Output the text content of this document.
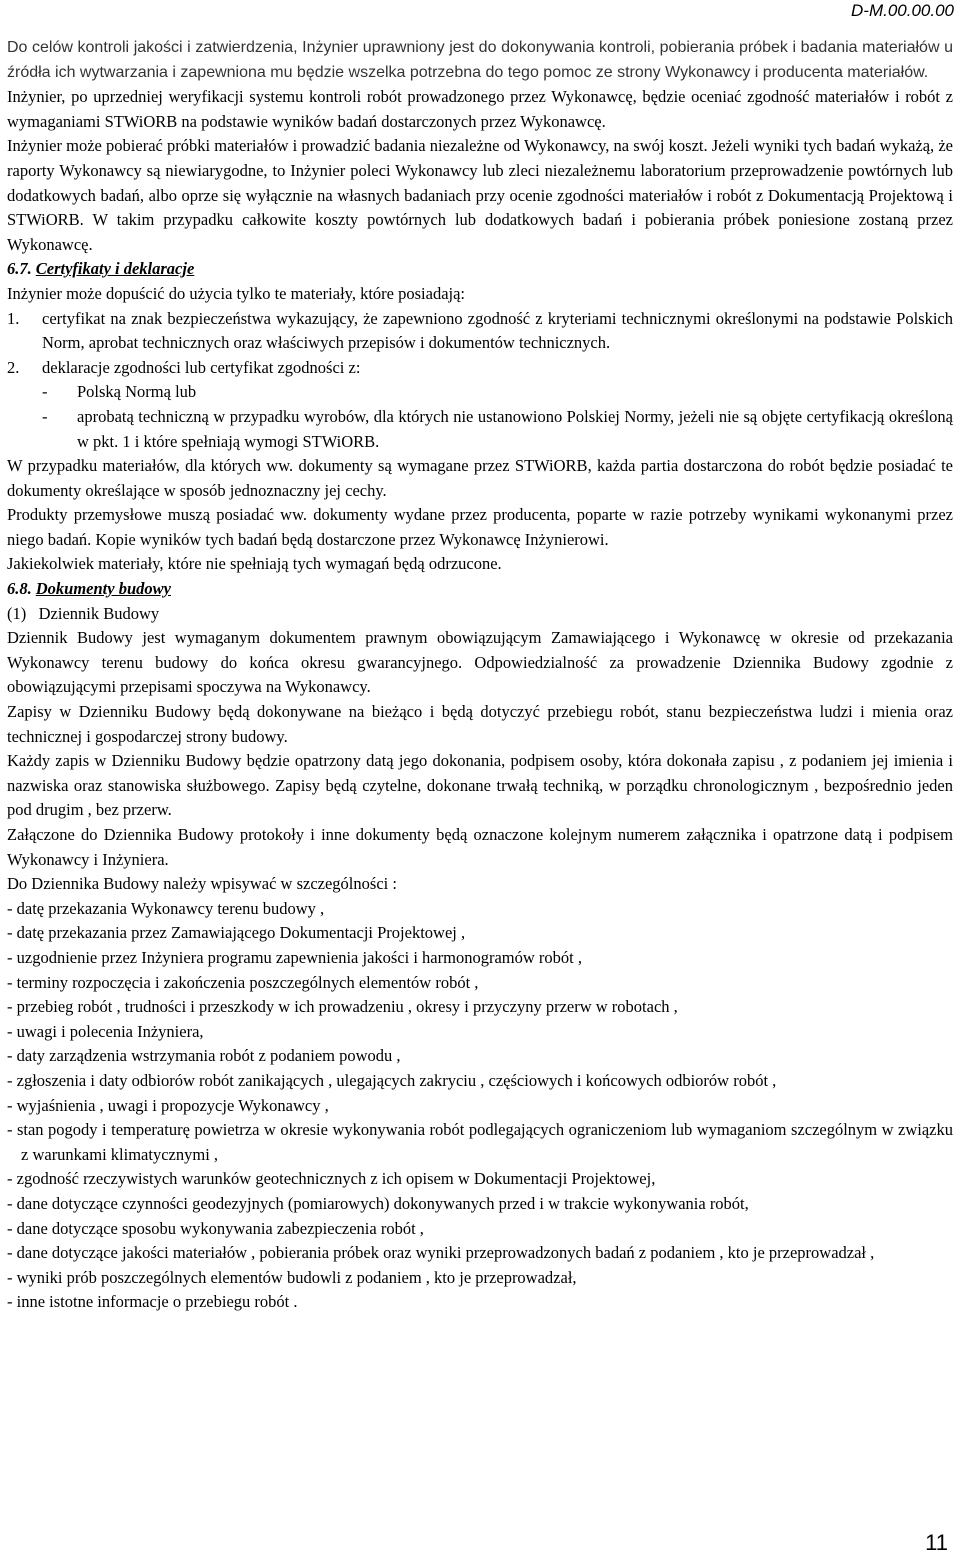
D-M.00.00.00

Do celów kontroli jakości i zatwierdzenia, Inżynier uprawniony jest do dokonywania kontroli, pobierania próbek i badania materiałów u źródła ich wytwarzania i zapewniona mu będzie wszelka potrzebna do tego pomoc ze strony Wykonawcy i producenta materiałów.

Inżynier, po uprzedniej weryfikacji systemu kontroli robót prowadzonego przez Wykonawcę, będzie oceniać zgodność materiałów i robót z wymaganiami STWiORB na podstawie wyników badań dostarczonych przez Wykonawcę.

Inżynier może pobierać próbki materiałów i prowadzić badania niezależne od Wykonawcy, na swój koszt. Jeżeli wyniki tych badań wykażą, że raporty Wykonawcy są niewiarygodne, to Inżynier poleci Wykonawcy lub zleci niezależnemu laboratorium przeprowadzenie powtórnych lub dodatkowych badań, albo oprze się wyłącznie na własnych badaniach przy ocenie zgodności materiałów i robót z Dokumentacją Projektową i STWiORB. W takim przypadku całkowite koszty powtórnych lub dodatkowych badań i pobierania próbek poniesione zostaną przez Wykonawcę.

6.7. Certyfikaty i deklaracje

Inżynier może dopuścić do użycia tylko te materiały, które posiadają:

1.	certyfikat na znak bezpieczeństwa wykazujący, że zapewniono zgodność z kryteriami technicznymi określonymi na podstawie Polskich Norm, aprobat technicznych oraz właściwych przepisów i dokumentów technicznych.
2.	deklaracje zgodności lub certyfikat zgodności z:
-	Polską Normą lub
-	aprobatą techniczną w przypadku wyrobów, dla których nie ustanowiono Polskiej Normy, jeżeli nie są objęte certyfikacją określoną w pkt. 1 i które spełniają wymogi STWiORB.

W przypadku materiałów, dla których ww. dokumenty są wymagane przez STWiORB, każda partia dostarczona do robót będzie posiadać te dokumenty określające w sposób jednoznaczny jej cechy.

Produkty przemysłowe muszą posiadać ww. dokumenty wydane przez producenta, poparte w razie potrzeby wynikami wykonanymi przez niego badań. Kopie wyników tych badań będą dostarczone przez Wykonawcę Inżynierowi.

Jakiekolwiek materiały, które nie spełniają tych wymagań będą odrzucone.

6.8. Dokumenty budowy

(1)   Dziennik Budowy

Dziennik Budowy jest wymaganym dokumentem prawnym obowiązującym Zamawiającego i Wykonawcę w okresie od przekazania Wykonawcy terenu budowy do końca okresu gwarancyjnego. Odpowiedzialność za prowadzenie Dziennika Budowy zgodnie z obowiązującymi przepisami spoczywa na Wykonawcy.

Zapisy w Dzienniku Budowy będą dokonywane na bieżąco i będą dotyczyć przebiegu robót, stanu bezpieczeństwa ludzi i mienia oraz technicznej i gospodarczej strony budowy.

Każdy zapis w Dzienniku Budowy będzie opatrzony datą jego dokonania, podpisem osoby, która dokonała zapisu , z podaniem jej imienia i nazwiska oraz stanowiska służbowego. Zapisy będą czytelne, dokonane trwałą techniką, w porządku chronologicznym , bezpośrednio jeden pod drugim , bez przerw.

Załączone do Dziennika Budowy protokoły i inne dokumenty będą oznaczone kolejnym numerem załącznika i opatrzone datą i podpisem Wykonawcy i Inżyniera.

Do Dziennika Budowy należy wpisywać w szczególności :

- datę przekazania Wykonawcy terenu budowy ,

- datę przekazania przez Zamawiającego Dokumentacji Projektowej ,

- uzgodnienie przez Inżyniera programu zapewnienia jakości i harmonogramów robót ,

- terminy rozpoczęcia i zakończenia poszczególnych elementów robót ,

- przebieg robót , trudności i przeszkody w ich prowadzeniu , okresy i przyczyny przerw w robotach ,

- uwagi i polecenia Inżyniera,

- daty zarządzenia wstrzymania robót z podaniem powodu ,

- zgłoszenia i daty odbiorów robót zanikających , ulegających zakryciu , częściowych i końcowych odbiorów robót ,

- wyjaśnienia , uwagi i propozycje Wykonawcy ,

- stan pogody i temperaturę powietrza w okresie wykonywania robót podlegających ograniczeniom lub wymaganiom szczególnym w związku z warunkami klimatycznymi ,

- zgodność rzeczywistych warunków geotechnicznych z ich opisem w Dokumentacji Projektowej,

- dane dotyczące czynności geodezyjnych (pomiarowych) dokonywanych przed i w trakcie wykonywania robót,

- dane dotyczące sposobu wykonywania zabezpieczenia robót ,

- dane dotyczące jakości materiałów , pobierania próbek oraz wyniki przeprowadzonych badań z podaniem , kto je przeprowadzał ,

- wyniki prób poszczególnych elementów budowli z podaniem , kto je przeprowadzał,

- inne istotne informacje o przebiegu robót .

11
